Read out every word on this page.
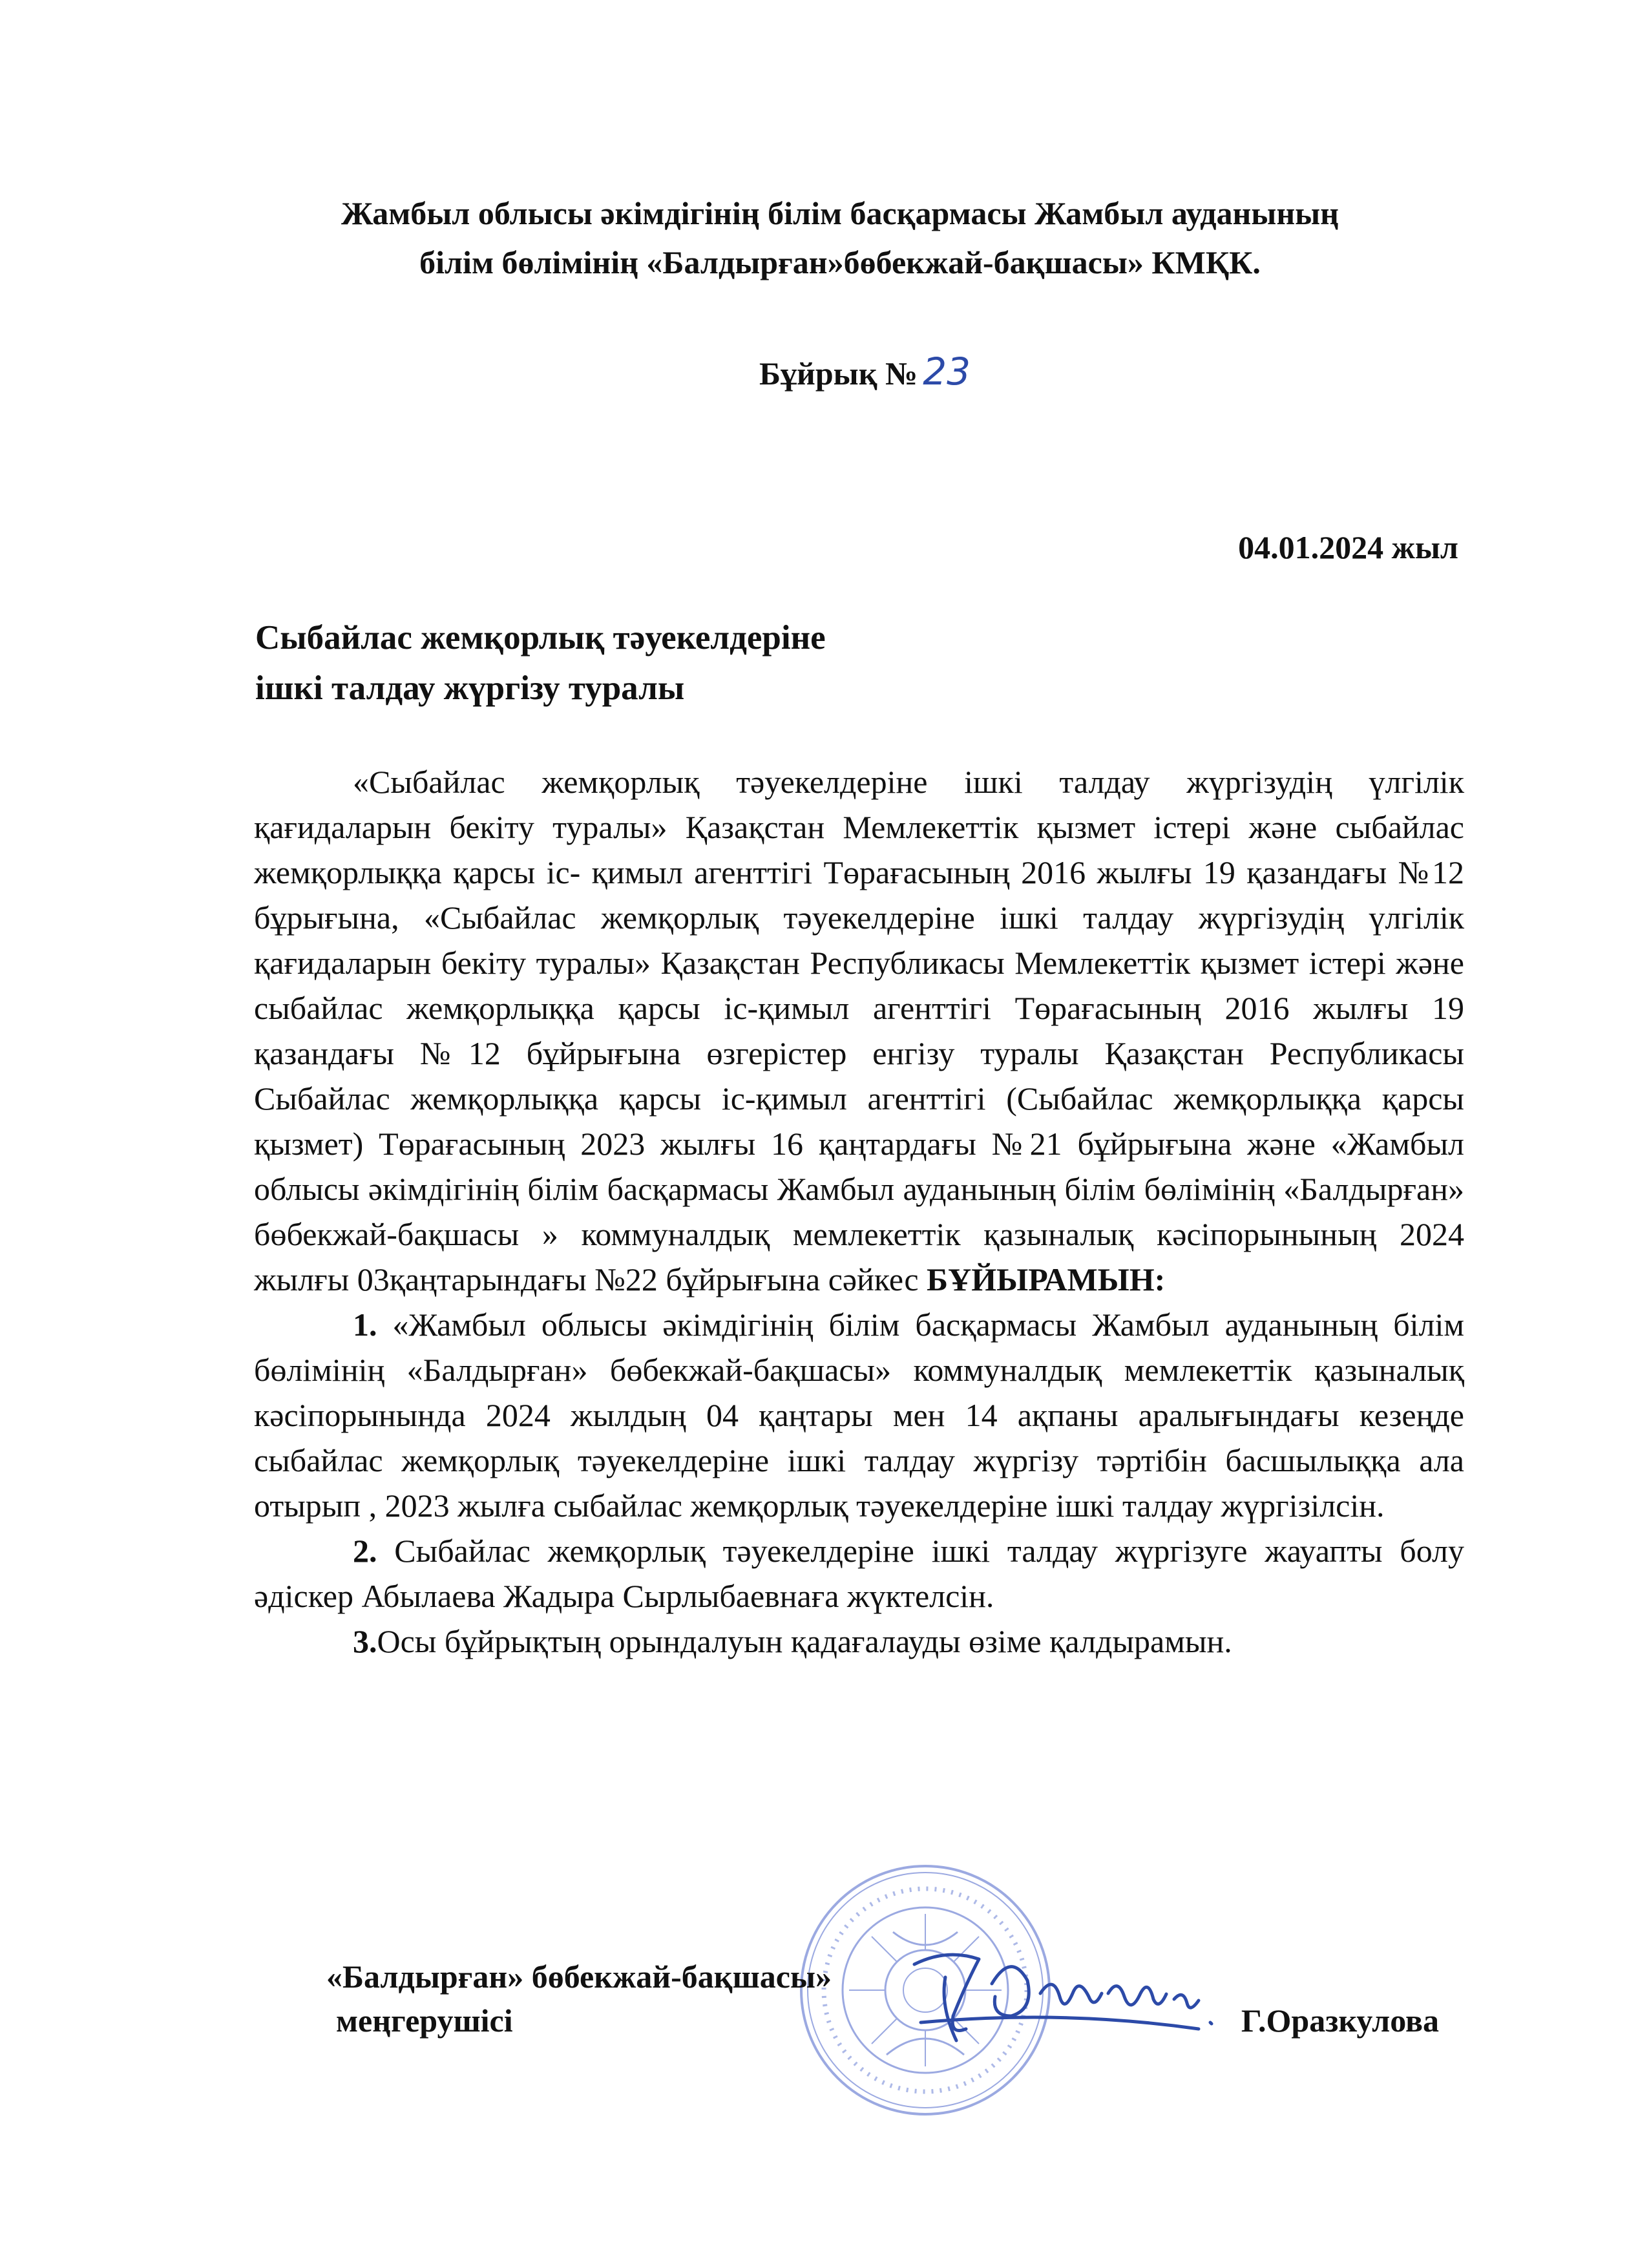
Жамбыл облысы әкімдігінің білім басқармасы Жамбыл ауданының
білім бөлімінің «Балдырған»бөбекжай-бақшасы» КМҚК.
Бұйрық № 23
04.01.2024 жыл
Сыбайлас жемқорлық тәуекелдеріне
ішкі талдау жүргізу туралы

«Сыбайлас жемқорлық тәуекелдеріне ішкі талдау жүргізудің үлгілік қағидаларын бекіту туралы» Қазақстан Мемлекеттік қызмет істері және сыбайлас жемқорлыққа қарсы іс- қимыл агенттігі Төрағасының 2016 жылғы 19 қазандағы №12 бұрығына, «Сыбайлас жемқорлық тәуекелдеріне ішкі талдау жүргізудің үлгілік қағидаларын бекіту туралы» Қазақстан Республикасы Мемлекеттік қызмет істері және сыбайлас жемқорлыққа қарсы іс-қимыл агенттігі Төрағасының 2016 жылғы 19 қазандағы №12 бұйрығына өзгерістер енгізу туралы Қазақстан Республикасы Сыбайлас жемқорлыққа қарсы іс-қимыл агенттігі (Сыбайлас жемқорлыққа қарсы қызмет) Төрағасының 2023 жылғы 16 қаңтардағы №21 бұйрығына және «Жамбыл облысы әкімдігінің білім басқармасы Жамбыл ауданының білім бөлімінің «Балдырған» бөбекжай-бақшасы » коммуналдық мемлекеттік қазыналық кәсіпорынының 2024 жылғы 03қаңтарындағы №22 бұйрығына сәйкес БҰЙЫРАМЫН:

1. «Жамбыл облысы әкімдігінің білім басқармасы Жамбыл ауданының білім бөлімінің «Балдырған» бөбекжай-бақшасы» коммуналдық мемлекеттік қазыналық кәсіпорынында 2024 жылдың 04 қаңтары мен 14 ақпаны аралығындағы кезеңде сыбайлас жемқорлық тәуекелдеріне ішкі талдау жүргізу тәртібін басшылыққа ала отырып , 2023 жылға сыбайлас жемқорлық тәуекелдеріне ішкі талдау жүргізілсін.

2. Сыбайлас жемқорлық тәуекелдеріне ішкі талдау жүргізуге жауапты болу әдіскер Абылаева Жадыра Сырлыбаевнаға жүктелсін.

3.Осы бұйрықтың орындалуын қадағалауды өзіме қалдырамын.

«Балдырған» бөбекжай-бақшасы»
меңгерушісі	Г.Оразкулова
